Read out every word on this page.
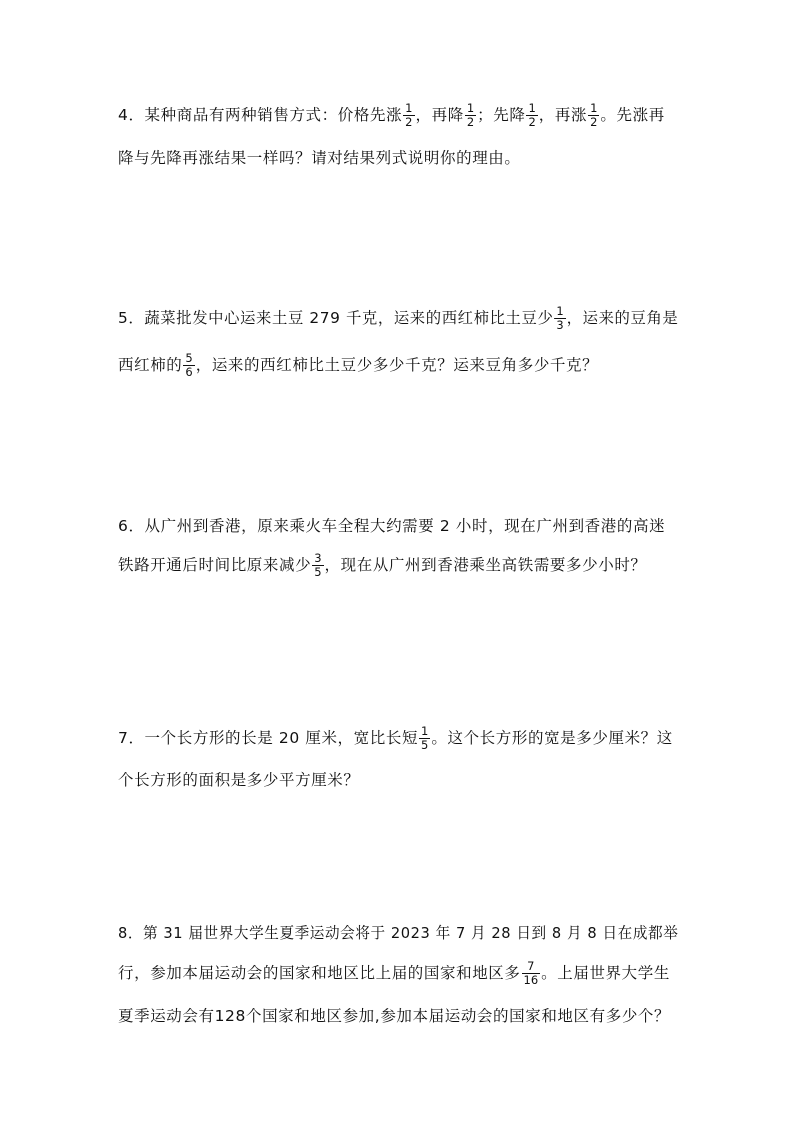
4．某种商品有两种销售方式：价格先涨 $\frac{1}{2}$ ，再降 $\frac{1}{2}$ ；先降 $\frac{1}{2}$ ，再涨 $\frac{1}{2}$ 。先涨再
降与先降再涨结果一样吗？请对结果列式说明你的理由。
5．蔬菜批发中心运来土豆 279 千克，运来的西红柿比土豆少 $\frac{1}{3}$ ，运来的豆角是
西红柿的 $\frac{5}{6}$ ，运来的西红柿比土豆少多少千克？运来豆角多少千克？
6．从广州到香港，原来乘火车全程大约需要 2 小时，现在广州到香港的高迷
铁路开通后时间比原来减少 $\frac{3}{5}$ ，现在从广州到香港乘坐高铁需要多少小时？
7．一个长方形的长是 20 厘米，宽比长短 $\frac{1}{5}$ 。这个长方形的宽是多少厘米？这
个长方形的面积是多少平方厘米？
8．第 31 届世界大学生夏季运动会将于 2023 年 7 月 28 日到 8 月 8 日在成都举
行，参加本届运动会的国家和地区比上届的国家和地区多 $\frac{7}{16}$ 。上届世界大学生
夏季运动会有128个国家和地区参加,参加本届运动会的国家和地区有多少个？
